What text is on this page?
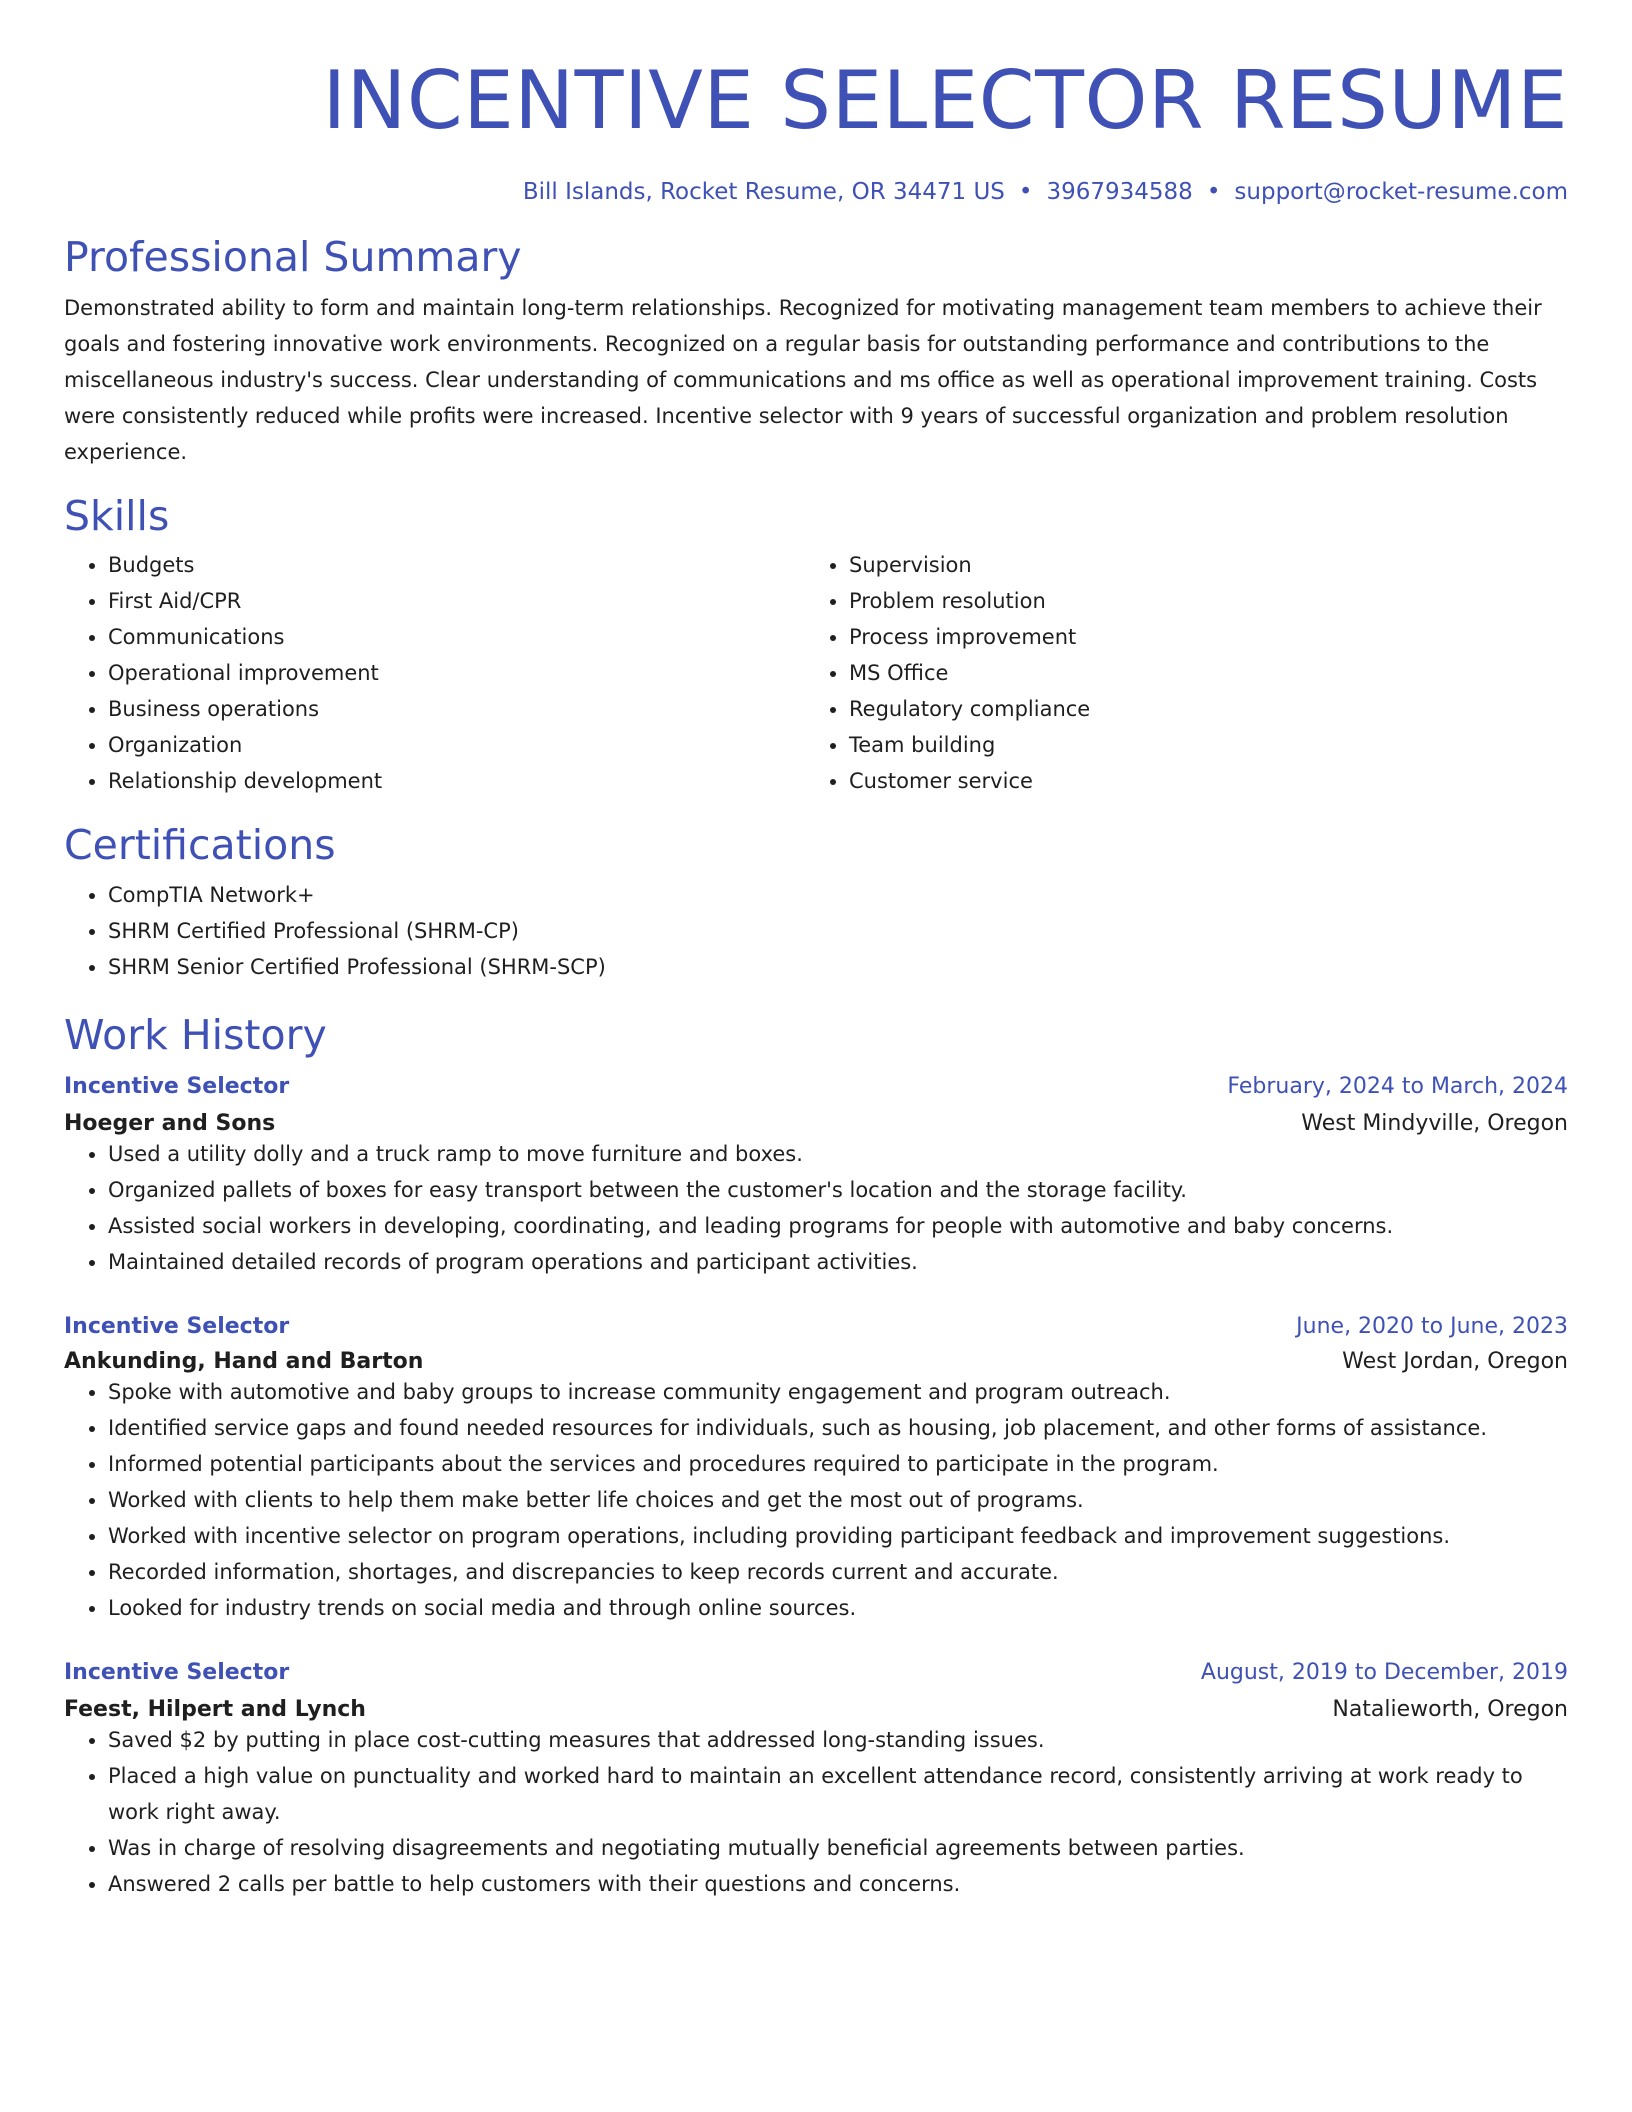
INCENTIVE SELECTOR RESUME
Bill Islands, Rocket Resume, OR 34471 US • 3967934588 • support@rocket-resume.com
Professional Summary

Demonstrated ability to form and maintain long-term relationships. Recognized for motivating management team members to achieve their goals and fostering innovative work environments. Recognized on a regular basis for outstanding performance and contributions to the miscellaneous industry's success. Clear understanding of communications and ms office as well as operational improvement training. Costs were consistently reduced while profits were increased. Incentive selector with 9 years of successful organization and problem resolution experience.

Skills
• Budgets
• First Aid/CPR
• Communications
• Operational improvement
• Business operations
• Organization
• Relationship development
• Supervision
• Problem resolution
• Process improvement
• MS Office
• Regulatory compliance
• Team building
• Customer service
Certifications
• CompTIA Network+
• SHRM Certified Professional (SHRM-CP)
• SHRM Senior Certified Professional (SHRM-SCP)
Work History
Incentive Selector	February, 2024 to March, 2024
Hoeger and Sons	West Mindyville, Oregon
• Used a utility dolly and a truck ramp to move furniture and boxes.
• Organized pallets of boxes for easy transport between the customer's location and the storage facility.
• Assisted social workers in developing, coordinating, and leading programs for people with automotive and baby concerns.
• Maintained detailed records of program operations and participant activities.
Incentive Selector	June, 2020 to June, 2023
Ankunding, Hand and Barton	West Jordan, Oregon
• Spoke with automotive and baby groups to increase community engagement and program outreach.
• Identified service gaps and found needed resources for individuals, such as housing, job placement, and other forms of assistance.
• Informed potential participants about the services and procedures required to participate in the program.
• Worked with clients to help them make better life choices and get the most out of programs.
• Worked with incentive selector on program operations, including providing participant feedback and improvement suggestions.
• Recorded information, shortages, and discrepancies to keep records current and accurate.
• Looked for industry trends on social media and through online sources.
Incentive Selector	August, 2019 to December, 2019
Feest, Hilpert and Lynch	Natalieworth, Oregon
• Saved $2 by putting in place cost-cutting measures that addressed long-standing issues.
• Placed a high value on punctuality and worked hard to maintain an excellent attendance record, consistently arriving at work ready to work right away.
• Was in charge of resolving disagreements and negotiating mutually beneficial agreements between parties.
• Answered 2 calls per battle to help customers with their questions and concerns.
